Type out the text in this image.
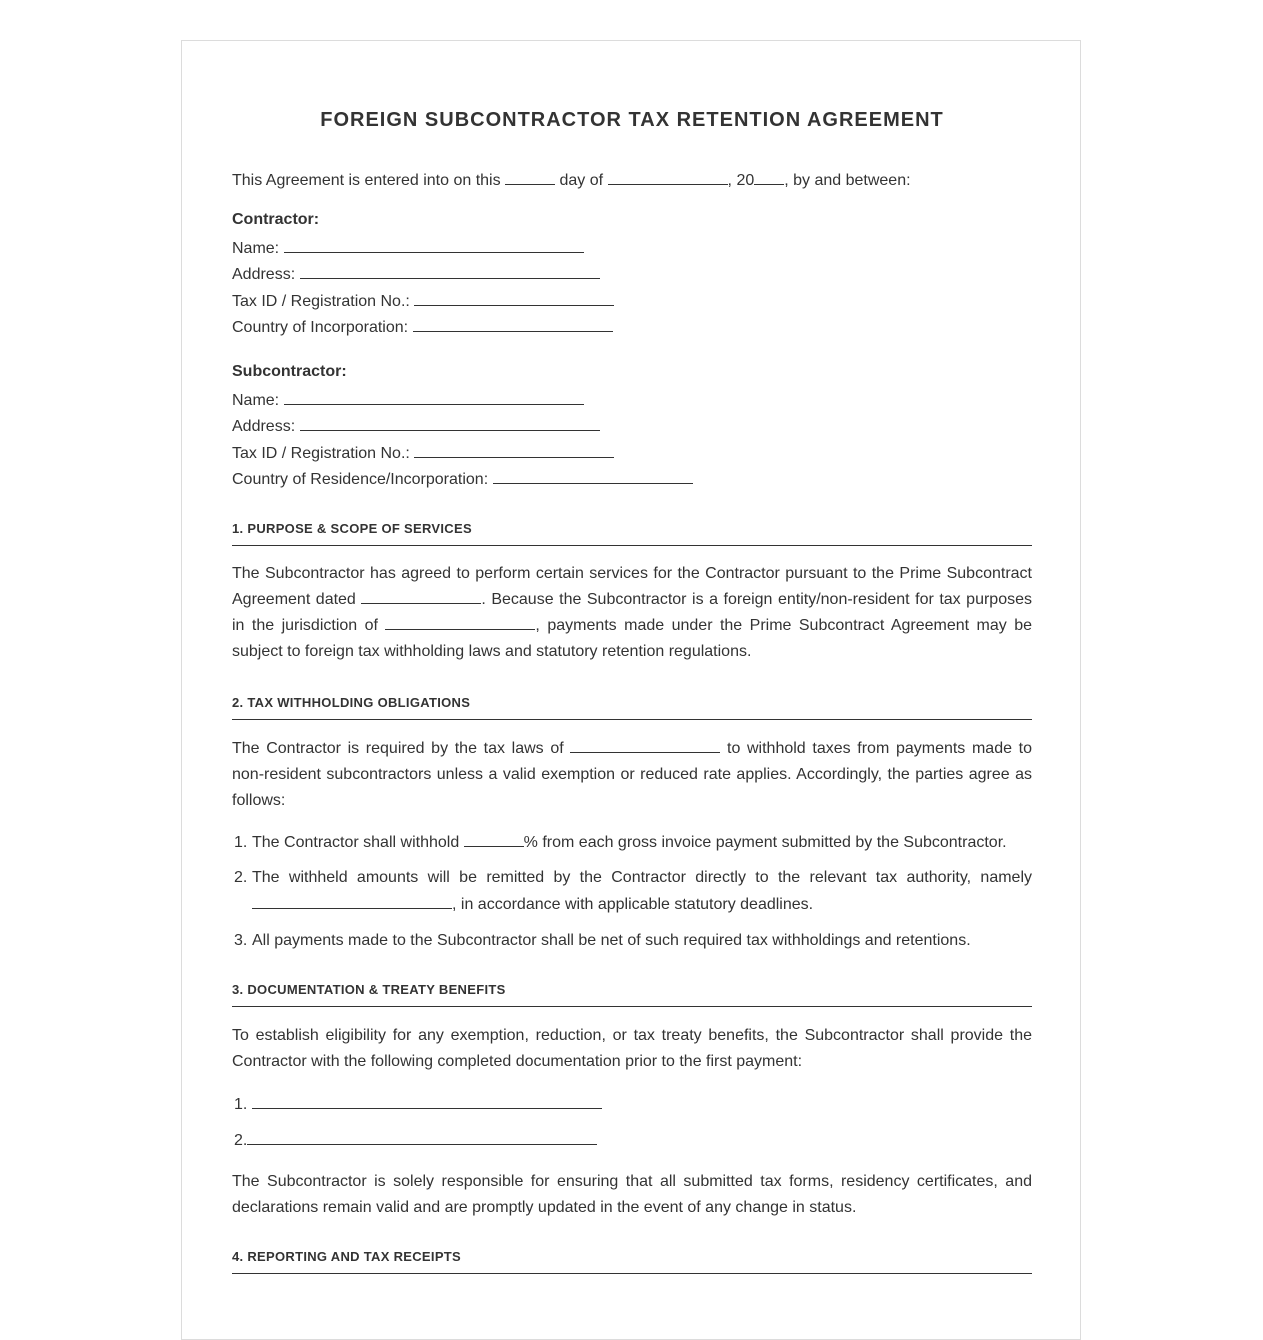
FOREIGN SUBCONTRACTOR TAX RETENTION AGREEMENT
This Agreement is entered into on this	day of	, 20 , by and between:
Contractor:
Name:
Address:
Tax ID / Registration No.:
Country of Incorporation:
Subcontractor:
Name:
Address:
Tax ID / Registration No.:
Country of Residence/Incorporation:
1. PURPOSE & SCOPE OF SERVICES
The Subcontractor has agreed to perform certain services for the Contractor pursuant to the Prime Subcontract Agreement dated	. Because the Subcontractor is a foreign entity/non-resident for tax purposes in the jurisdiction of	, payments made under the Prime Subcontract Agreement may be subject to foreign tax withholding laws and statutory retention regulations.
2. TAX WITHHOLDING OBLIGATIONS
The Contractor is required by the tax laws of	to withhold taxes from payments made to non-resident subcontractors unless a valid exemption or reduced rate applies. Accordingly, the parties agree as follows:
1. The Contractor shall withhold	% from each gross invoice payment submitted by the Subcontractor.
2. The withheld amounts will be remitted by the Contractor directly to the relevant tax authority, namely , in accordance with applicable statutory deadlines.
3. All payments made to the Subcontractor shall be net of such required tax withholdings and retentions.
3. DOCUMENTATION & TREATY BENEFITS
To establish eligibility for any exemption, reduction, or tax treaty benefits, the Subcontractor shall provide the Contractor with the following completed documentation prior to the first payment:
1.
2.
The Subcontractor is solely responsible for ensuring that all submitted tax forms, residency certificates, and declarations remain valid and are promptly updated in the event of any change in status.
4. REPORTING AND TAX RECEIPTS
